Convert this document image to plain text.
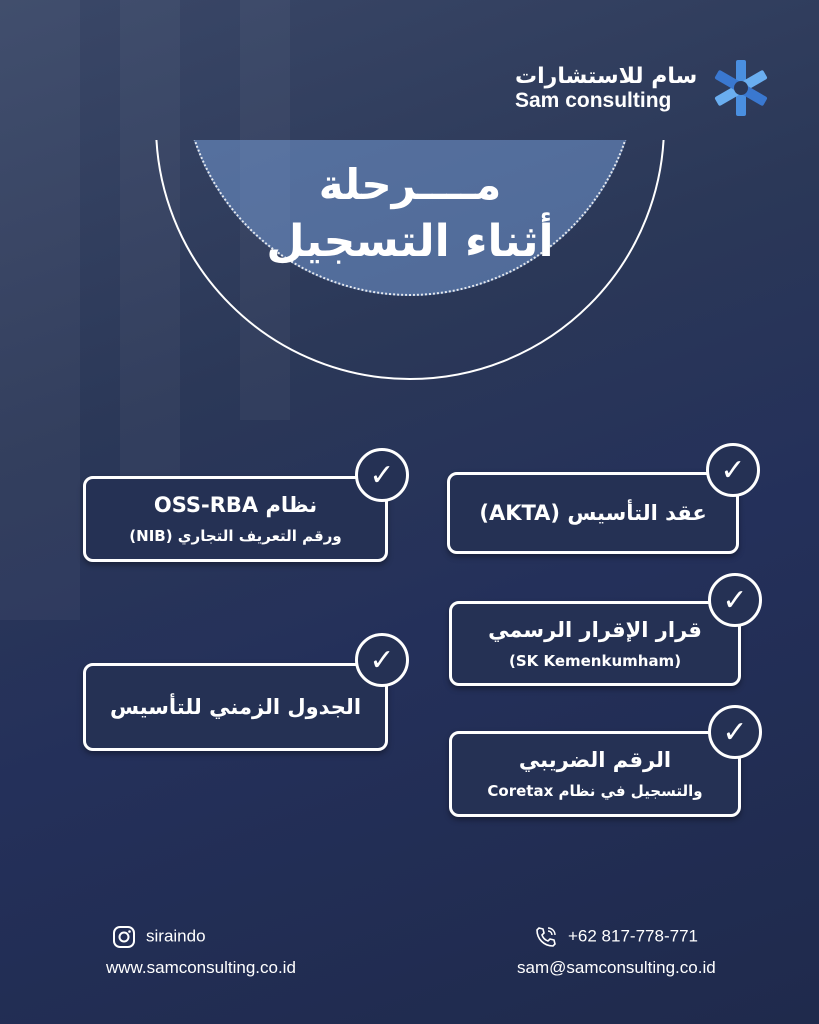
سام للاستشارات
Sam consulting
مــــرحلة
أثناء التسجيل
نظام OSS-RBA
ورقم التعريف التجاري (NIB)
✓
عقد التأسيس (AKTA)
✓
قرار الإقرار الرسمي
(SK Kemenkumham)
✓
الجدول الزمني للتأسيس
✓
الرقم الضريبي
والتسجيل في نظام Coretax
✓
siraindo
www.samconsulting.co.id
+62 817-778-771
sam@samconsulting.co.id
